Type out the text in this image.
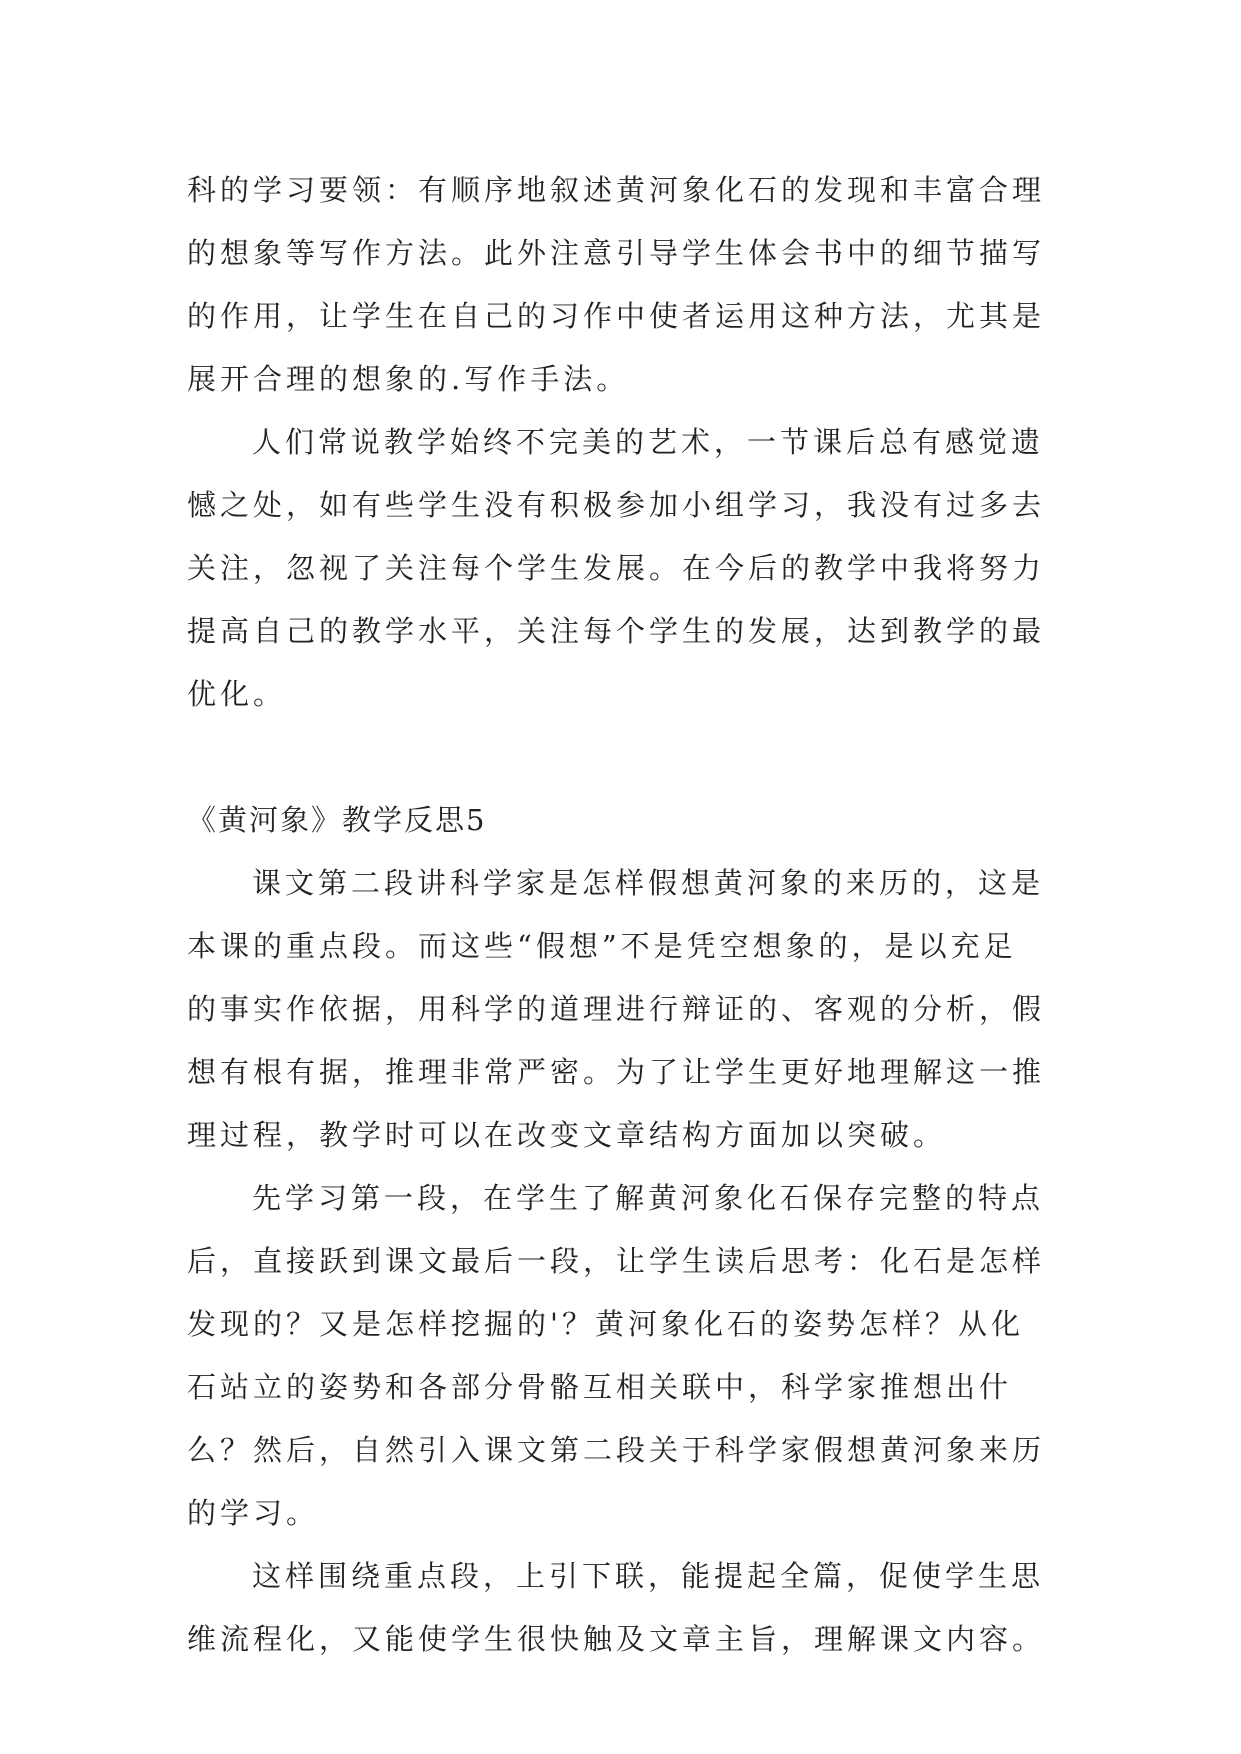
科的学习要领：有顺序地叙述黄河象化石的发现和丰富合理

的想象等写作方法。此外注意引导学生体会书中的细节描写

的作用，让学生在自己的习作中使者运用这种方法，尤其是

展开合理的想象的.写作手法。

人们常说教学始终不完美的艺术，一节课后总有感觉遗

憾之处，如有些学生没有积极参加小组学习，我没有过多去

关注，忽视了关注每个学生发展。在今后的教学中我将努力

提高自己的教学水平，关注每个学生的发展，达到教学的最

优化。

《黄河象》教学反思5

课文第二段讲科学家是怎样假想黄河象的来历的，这是

本课的重点段。而这些“假想”不是凭空想象的，是以充足

的事实作依据，用科学的道理进行辩证的、客观的分析，假

想有根有据，推理非常严密。为了让学生更好地理解这一推

理过程，教学时可以在改变文章结构方面加以突破。

先学习第一段，在学生了解黄河象化石保存完整的特点

后，直接跃到课文最后一段，让学生读后思考：化石是怎样

发现的？又是怎样挖掘的'？黄河象化石的姿势怎样？从化

石站立的姿势和各部分骨骼互相关联中，科学家推想出什

么？然后，自然引入课文第二段关于科学家假想黄河象来历

的学习。

这样围绕重点段，上引下联，能提起全篇，促使学生思

维流程化，又能使学生很快触及文章主旨，理解课文内容。
